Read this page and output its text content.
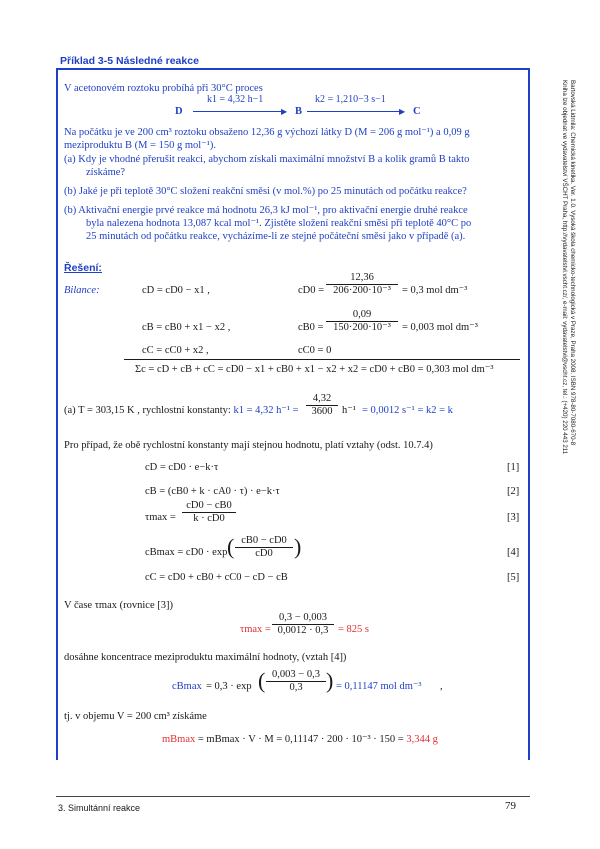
Příklad 3-5 Následné reakce
Bartovská Lidmila: Chemická kinetika. Ver. 1.0. Vysoká škola chemicko-technologická v Praze, Praha 2008. ISBN 978-80-7080-670-8
Kniha lze objednat ve vydavatelství VŠCHT Praha, http://vydavatelstvi.vscht.cz/, e-mail: vydavatelstvi@vscht.cz, tel.: (+420) 220 443 211
V acetonovém roztoku probíhá při 30°C proces
D
k1 = 4,32 h−1
▶ B
k2 = 1,210−3 s−1
▶ C
Na počátku je ve 200 cm³ roztoku obsaženo 12,36 g výchozí látky D (M = 206 g mol⁻¹) a 0,09 g
meziproduktu B (M = 150 g mol⁻¹).
(a) Kdy je vhodné přerušit reakci, abychom získali maximální množství B a kolik gramů B takto
získáme?
(b) Jaké je při teplotě 30°C složení reakční směsi (v mol.%) po 25 minutách od počátku reakce?
(b) Aktivační energie prvé reakce má hodnotu 26,3 kJ mol⁻¹, pro aktivační energie druhé reakce
byla nalezena hodnota 13,087 kcal mol⁻¹. Zjistěte složení reakční směsi při teplotě 40°C po
25 minutách od počátku reakce, vycházíme-li ze stejné počáteční směsi jako v případě (a).
Řešení:
Bilance:	cD = cD0 − x1 ,	$cD0 = \frac{12,36}{\text{206·200·10⁻³}} = 0,3$ mol dm⁻³
cB = cB0 + x1 − x2 ,	$cB0 = \frac{0,09}{\text{150·200·10⁻³}} = 0,003$ mol dm⁻³
cC = cC0 + x2 ,	cC0 = 0
Σc = cD + cB + cC = cD0 − x1 + cB0 + x1 − x2 + x2 = cD0 + cB0 = 0,303 mol dm⁻³
(a) T = 303,15 K , rychlostní konstanty: k1 = 4,32 $h^{-1} = \frac{4,32}{3600} h^{-1} = 0,0012$ s⁻¹ = k2 = k
Pro případ, že obě rychlostní konstanty mají stejnou hodnotu, platí vztahy (odst. 10.7.4)
cD = cD0 · e−k·τ	[1]
cB = (cB0 + k · cA0 · τ) · e−k·τ	[2]
$\tau\max = \frac{cD0 - cB0}{k \cdot cD0}$	[3]
cBmax = cD0 · exp ( $\frac{cB0 - cD0}{cD0}$ )	[4]
cC = cD0 + cB0 + cC0 − cD − cB	[5]
V čase τmax (rovnice [3])
$\tau\max = \frac{0,3 - 0,003}{0,0012 \cdot 0,3} = 825$ s
dosáhne koncentrace meziproduktu maximální hodnoty, (vztah [4])
cBmax = 0,3 · exp ( $\frac{0,003 - 0,3}{0,3}$ ) = 0,11147 mol dm⁻³ ,
tj. v objemu V = 200 cm³ získáme
mBmax = mBmax · V · M = 0,11147 · 200 · 10⁻³ · 150 = 3,344 g
3. Simultánní reakce	79
